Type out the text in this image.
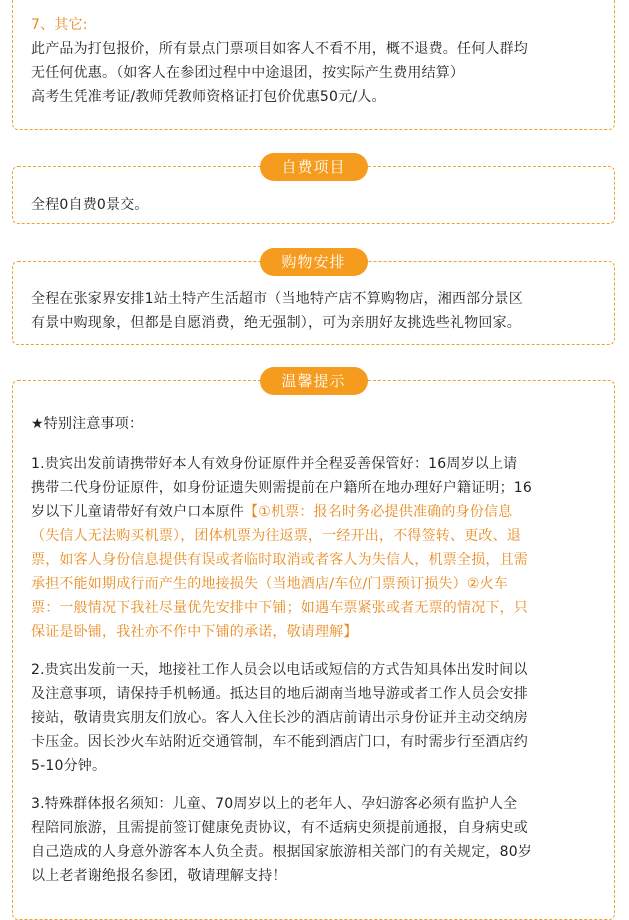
7、其它:

此产品为打包报价，所有景点门票项目如客人不看不用，概不退费。任何人群均

无任何优惠。（如客人在参团过程中中途退团，按实际产生费用结算）

高考生凭准考证/教师凭教师资格证打包价优惠50元/人。

自费项目

全程0自费0景交。

购物安排

全程在张家界安排1站土特产生活超市（当地特产店不算购物店，湘西部分景区

有景中购现象，但都是自愿消费，绝无强制），可为亲朋好友挑选些礼物回家。

温馨提示

★特别注意事项：

1.贵宾出发前请携带好本人有效身份证原件并全程妥善保管好：16周岁以上请

携带二代身份证原件，如身份证遗失则需提前在户籍所在地办理好户籍证明；16

岁以下儿童请带好有效户口本原件【①机票：报名时务必提供准确的身份信息

（失信人无法购买机票），团体机票为往返票，一经开出，不得签转、更改、退

票，如客人身份信息提供有误或者临时取消或者客人为失信人，机票全损，且需

承担不能如期成行而产生的地接损失（当地酒店/车位/门票预订损失）②火车

票：一般情况下我社尽量优先安排中下铺；如遇车票紧张或者无票的情况下，只

保证是卧铺，我社亦不作中下铺的承诺，敬请理解】

2.贵宾出发前一天，地接社工作人员会以电话或短信的方式告知具体出发时间以

及注意事项，请保持手机畅通。抵达目的地后湖南当地导游或者工作人员会安排

接站，敬请贵宾朋友们放心。客人入住长沙的酒店前请出示身份证并主动交纳房

卡压金。因长沙火车站附近交通管制，车不能到酒店门口，有时需步行至酒店约

5-10分钟。

3.特殊群体报名须知：儿童、70周岁以上的老年人、孕妇游客必须有监护人全

程陪同旅游，且需提前签订健康免责协议，有不适病史须提前通报，自身病史或

自己造成的人身意外游客本人负全责。根据国家旅游相关部门的有关规定，80岁

以上老者谢绝报名参团，敬请理解支持！
